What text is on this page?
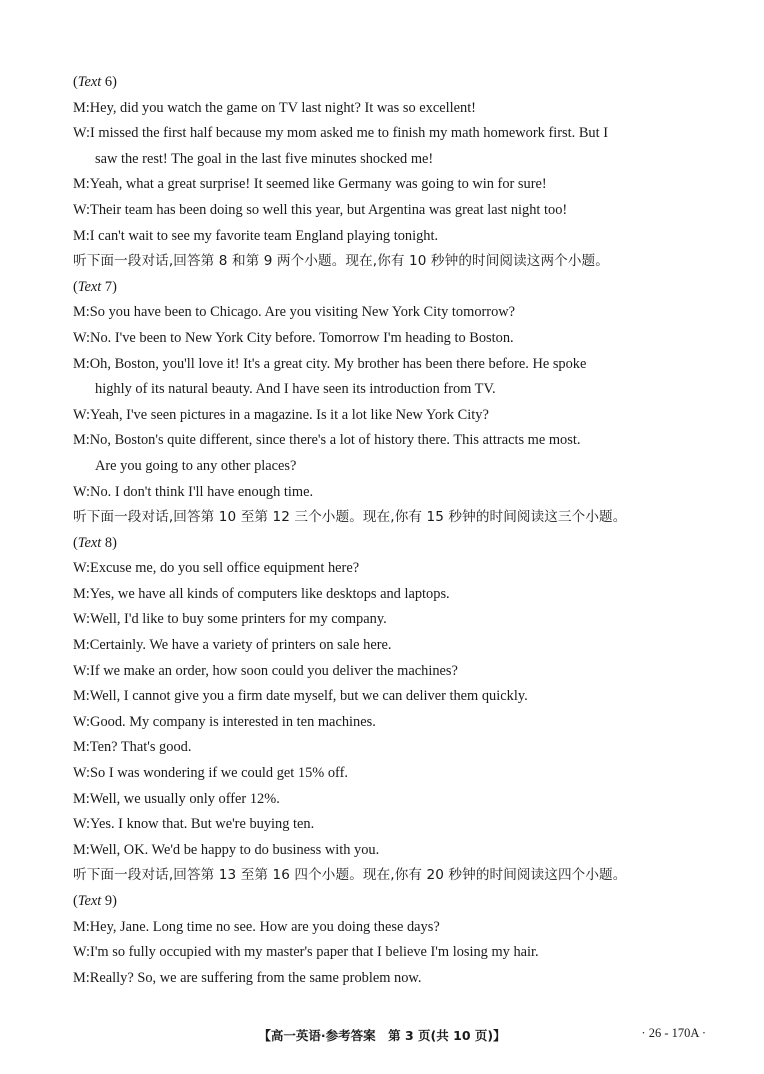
(Text 6)
M:Hey, did you watch the game on TV last night? It was so excellent!
W:I missed the first half because my mom asked me to finish my math homework first. But I
saw the rest! The goal in the last five minutes shocked me!
M:Yeah, what a great surprise! It seemed like Germany was going to win for sure!
W:Their team has been doing so well this year, but Argentina was great last night too!
M:I can't wait to see my favorite team England playing tonight.
听下面一段对话,回答第 8 和第 9 两个小题。现在,你有 10 秒钟的时间阅读这两个小题。
(Text 7)
M:So you have been to Chicago. Are you visiting New York City tomorrow?
W:No. I've been to New York City before. Tomorrow I'm heading to Boston.
M:Oh, Boston, you'll love it! It's a great city. My brother has been there before. He spoke
highly of its natural beauty. And I have seen its introduction from TV.
W:Yeah, I've seen pictures in a magazine. Is it a lot like New York City?
M:No, Boston's quite different, since there's a lot of history there. This attracts me most.
Are you going to any other places?
W:No. I don't think I'll have enough time.
听下面一段对话,回答第 10 至第 12 三个小题。现在,你有 15 秒钟的时间阅读这三个小题。
(Text 8)
W:Excuse me, do you sell office equipment here?
M:Yes, we have all kinds of computers like desktops and laptops.
W:Well, I'd like to buy some printers for my company.
M:Certainly. We have a variety of printers on sale here.
W:If we make an order, how soon could you deliver the machines?
M:Well, I cannot give you a firm date myself, but we can deliver them quickly.
W:Good. My company is interested in ten machines.
M:Ten? That's good.
W:So I was wondering if we could get 15% off.
M:Well, we usually only offer 12%.
W:Yes. I know that. But we're buying ten.
M:Well, OK. We'd be happy to do business with you.
听下面一段对话,回答第 13 至第 16 四个小题。现在,你有 20 秒钟的时间阅读这四个小题。
(Text 9)
M:Hey, Jane. Long time no see. How are you doing these days?
W:I'm so fully occupied with my master's paper that I believe I'm losing my hair.
M:Really? So, we are suffering from the same problem now.
【高一英语·参考答案　第 3 页(共 10 页)】	· 26 - 170A ·
